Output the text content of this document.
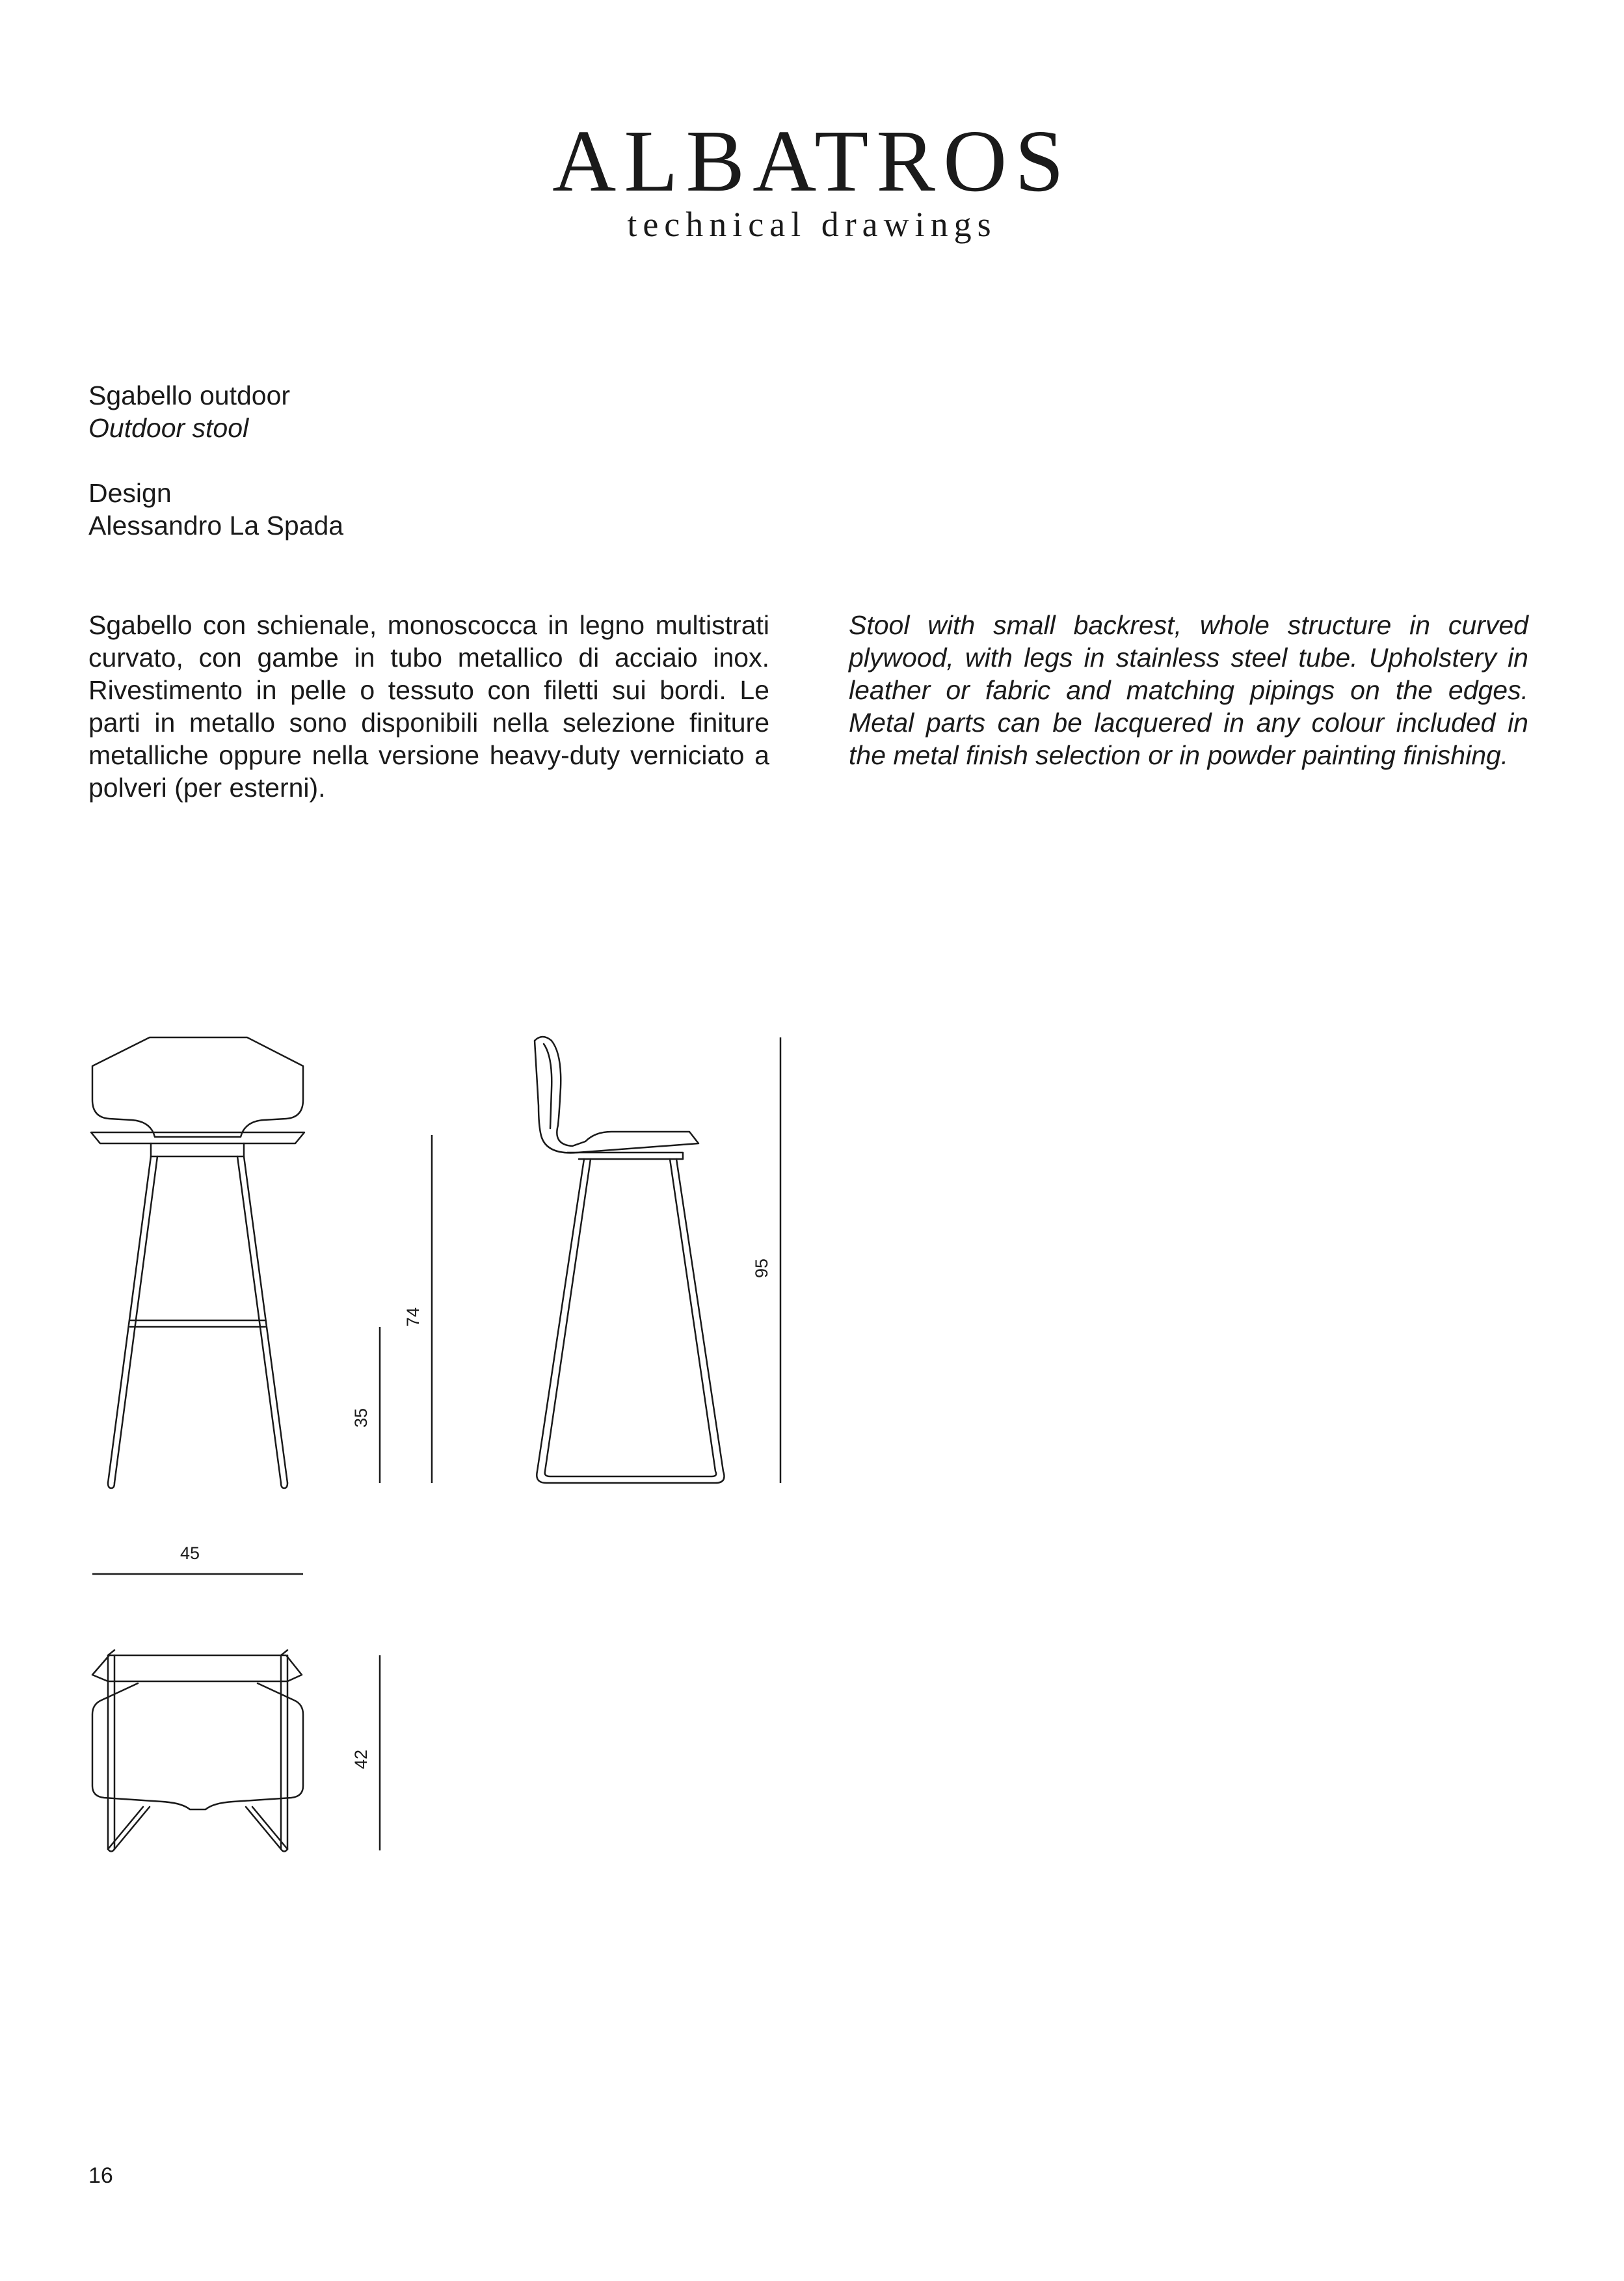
ALBATROS
technical drawings

Sgabello outdoor

Outdoor stool

Design

Alessandro La Spada

Sgabello con schienale, monoscocca in legno multistrati curvato, con gambe in tubo metallico di acciaio inox. Rivestimento in pelle o tessuto con filetti sui bordi. Le parti in metallo sono disponibili nella selezione finiture metalliche oppure nella versione heavy-duty verniciato a polveri (per esterni).

Stool with small backrest, whole structure in curved plywood, with legs in stainless steel tube. Upholstery in leather or fabric and matching pipings on the edges. Metal parts can be lacquered in any colour included in the metal finish selection or in powder painting finishing.

35
74
95
45
42
16
